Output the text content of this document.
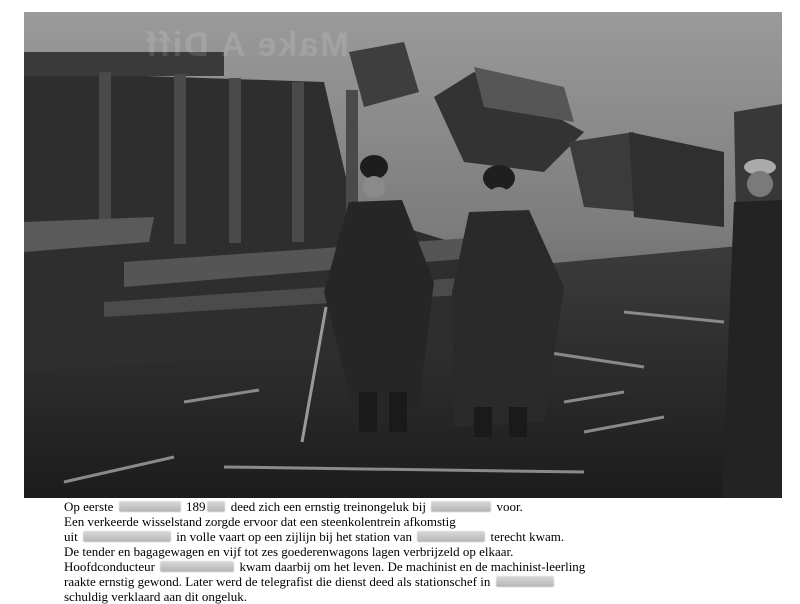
Make A Diff
Op eerste	189 deed zich een ernstig treinongeluk bij	voor.
Een verkeerde wisselstand zorgde ervoor dat een steenkolentrein afkomstig
uit	in volle vaart op een zijlijn bij het station van	terecht kwam.
De tender en bagagewagen en vijf tot zes goederenwagons lagen verbrijzeld op elkaar.
Hoofdconducteur	kwam daarbij om het leven. De machinist en de machinist-leerling
raakte ernstig gewond. Later werd de telegrafist die dienst deed als stationschef in
schuldig verklaard aan dit ongeluk.
